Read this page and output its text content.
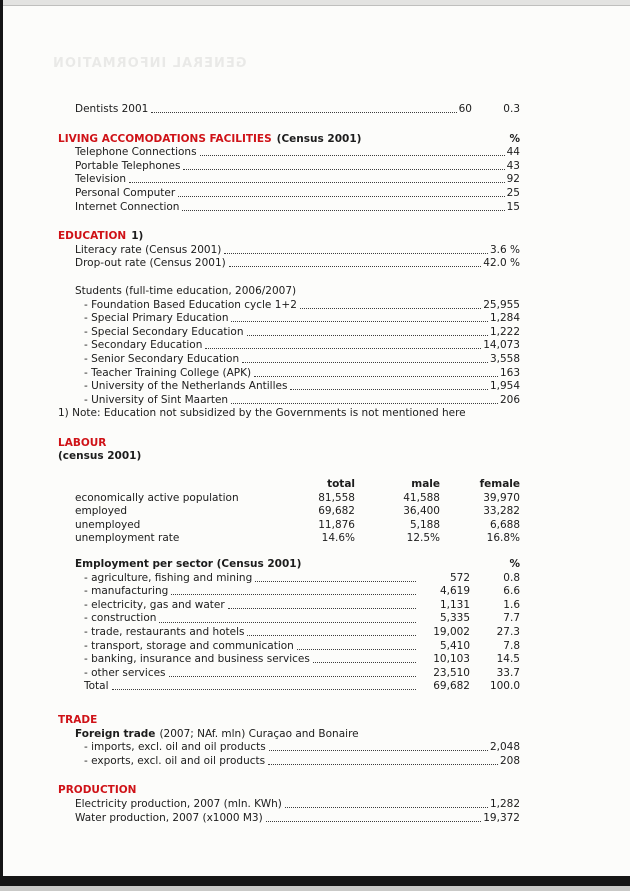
GENERAL INFORMATION
Dentists 2001	60	0.3
LIVING ACCOMODATIONS FACILITIES (Census 2001)	%
Telephone Connections	44
Portable Telephones	43
Television	92
Personal Computer	25
Internet Connection	15
EDUCATION 1)
Literacy rate (Census 2001)	3.6 %
Drop-out rate (Census 2001)	42.0 %
Students (full-time education, 2006/2007)
- Foundation Based Education cycle 1+2	25,955
- Special Primary Education	1,284
- Special Secondary Education	1,222
- Secondary Education	14,073
- Senior Secondary Education	3,558
- Teacher Training College (APK)	163
- University of the Netherlands Antilles	1,954
- University of Sint Maarten	206
1) Note: Education not subsidized by the Governments is not mentioned here
LABOUR
(census 2001)
total	male	female
economically active population	81,558	41,588	39,970
employed	69,682	36,400	33,282
unemployed	11,876	5,188	6,688
unemployment rate	14.6%	12.5%	16.8%
Employment per sector (Census 2001)	%
- agriculture, fishing and mining	572	0.8
- manufacturing	4,619	6.6
- electricity, gas and water	1,131	1.6
- construction	5,335	7.7
- trade, restaurants and hotels	19,002	27.3
- transport, storage and communication	5,410	7.8
- banking, insurance and business services	10,103	14.5
- other services	23,510	33.7
Total	69,682	100.0
TRADE
Foreign trade (2007; NAf. mln) Curaçao and Bonaire
- imports, excl. oil and oil products	2,048
- exports, excl. oil and oil products	208
PRODUCTION
Electricity production, 2007 (mln. KWh)	1,282
Water production, 2007 (x1000 M3)	19,372
